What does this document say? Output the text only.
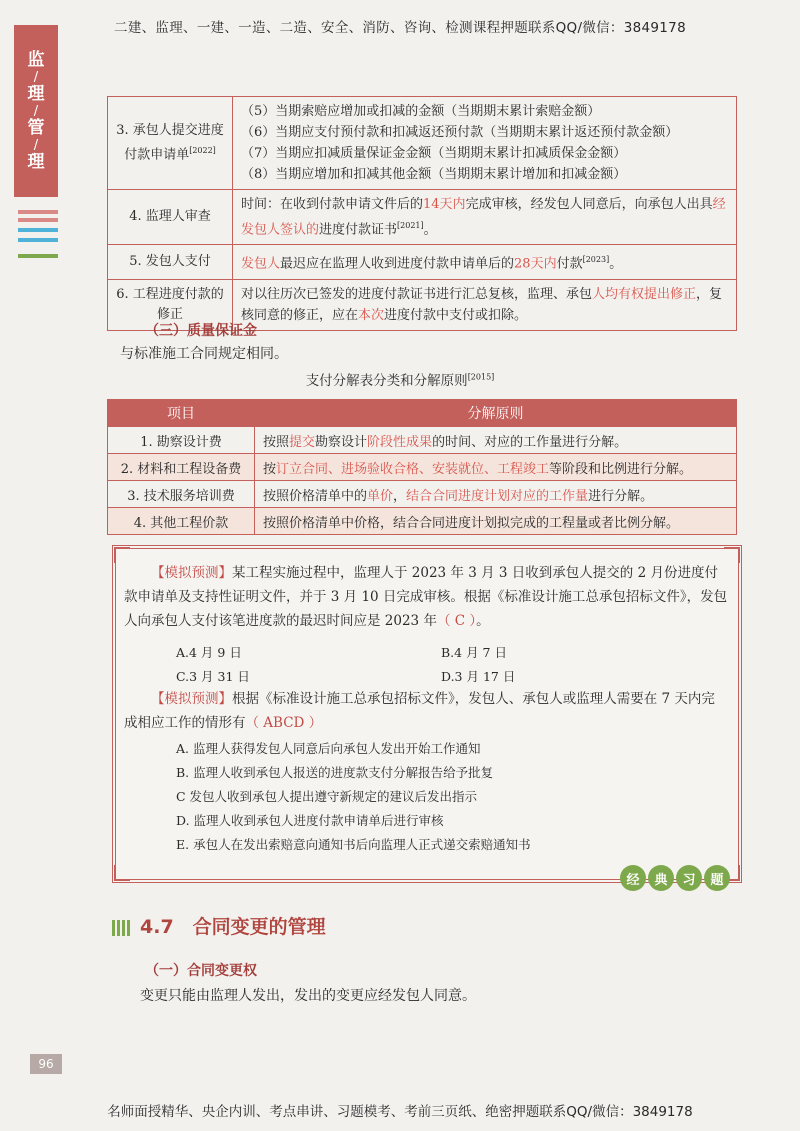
二建、监理、一建、一造、二造、安全、消防、咨询、检测课程押题联系QQ/微信：3849178
监
/
理
/
管
/
理
3. 承包人提交进度付款申请单[2022]	（5）当期索赔应增加或扣减的金额（当期期末累计索赔金额）
（6）当期应支付预付款和扣减返还预付款（当期期末累计返还预付款金额）
（7）当期应扣减质量保证金金额（当期期末累计扣减质保金金额）
（8）当期应增加和扣减其他金额（当期期末累计增加和扣减金额）

4. 监理人审查	时间：在收到付款申请文件后的14天内完成审核，经发包人同意后，向承包人出具经发包人签认的进度付款证书[2021]。
5. 发包人支付	发包人最迟应在监理人收到进度付款申请单后的28天内付款[2023]。
6. 工程进度付款的修正	对以往历次已签发的进度付款证书进行汇总复核，监理、承包人均有权提出修正，复核同意的修正，应在本次进度付款中支付或扣除。
（三）质量保证金
与标准施工合同规定相同。
支付分解表分类和分解原则[2015]
项目	分解原则
1. 勘察设计费	按照提交勘察设计阶段性成果的时间、对应的工作量进行分解。
2. 材料和工程设备费	按订立合同、进场验收合格、安装就位、工程竣工等阶段和比例进行分解。
3. 技术服务培训费	按照价格清单中的单价，结合合同进度计划对应的工作量进行分解。
4. 其他工程价款	按照价格清单中价格，结合合同进度计划拟完成的工程量或者比例分解。
【模拟预测】某工程实施过程中，监理人于 2023 年 3 月 3 日收到承包人提交的 2 月份进度付款申请单及支持性证明文件，并于 3 月 10 日完成审核。根据《标准设计施工总承包招标文件》，发包人向承包人支付该笔进度款的最迟时间应是 2023 年（ C ）。
A.4 月 9 日	B.4 月 7 日
C.3 月 31 日	D.3 月 17 日
【模拟预测】根据《标准设计施工总承包招标文件》，发包人、承包人或监理人需要在 7 天内完成相应工作的情形有（ ABCD ）
A. 监理人获得发包人同意后向承包人发出开始工作通知
B. 监理人收到承包人报送的进度款支付分解报告给予批复
C 发包人收到承包人提出遵守新规定的建议后发出指示
D. 监理人收到承包人进度付款申请单后进行审核
E. 承包人在发出索赔意向通知书后向监理人正式递交索赔通知书
经	典	习	题
4.7　合同变更的管理
（一）合同变更权
变更只能由监理人发出，发出的变更应经发包人同意。
96
名师面授精华、央企内训、考点串讲、习题模考、考前三页纸、绝密押题联系QQ/微信：3849178
